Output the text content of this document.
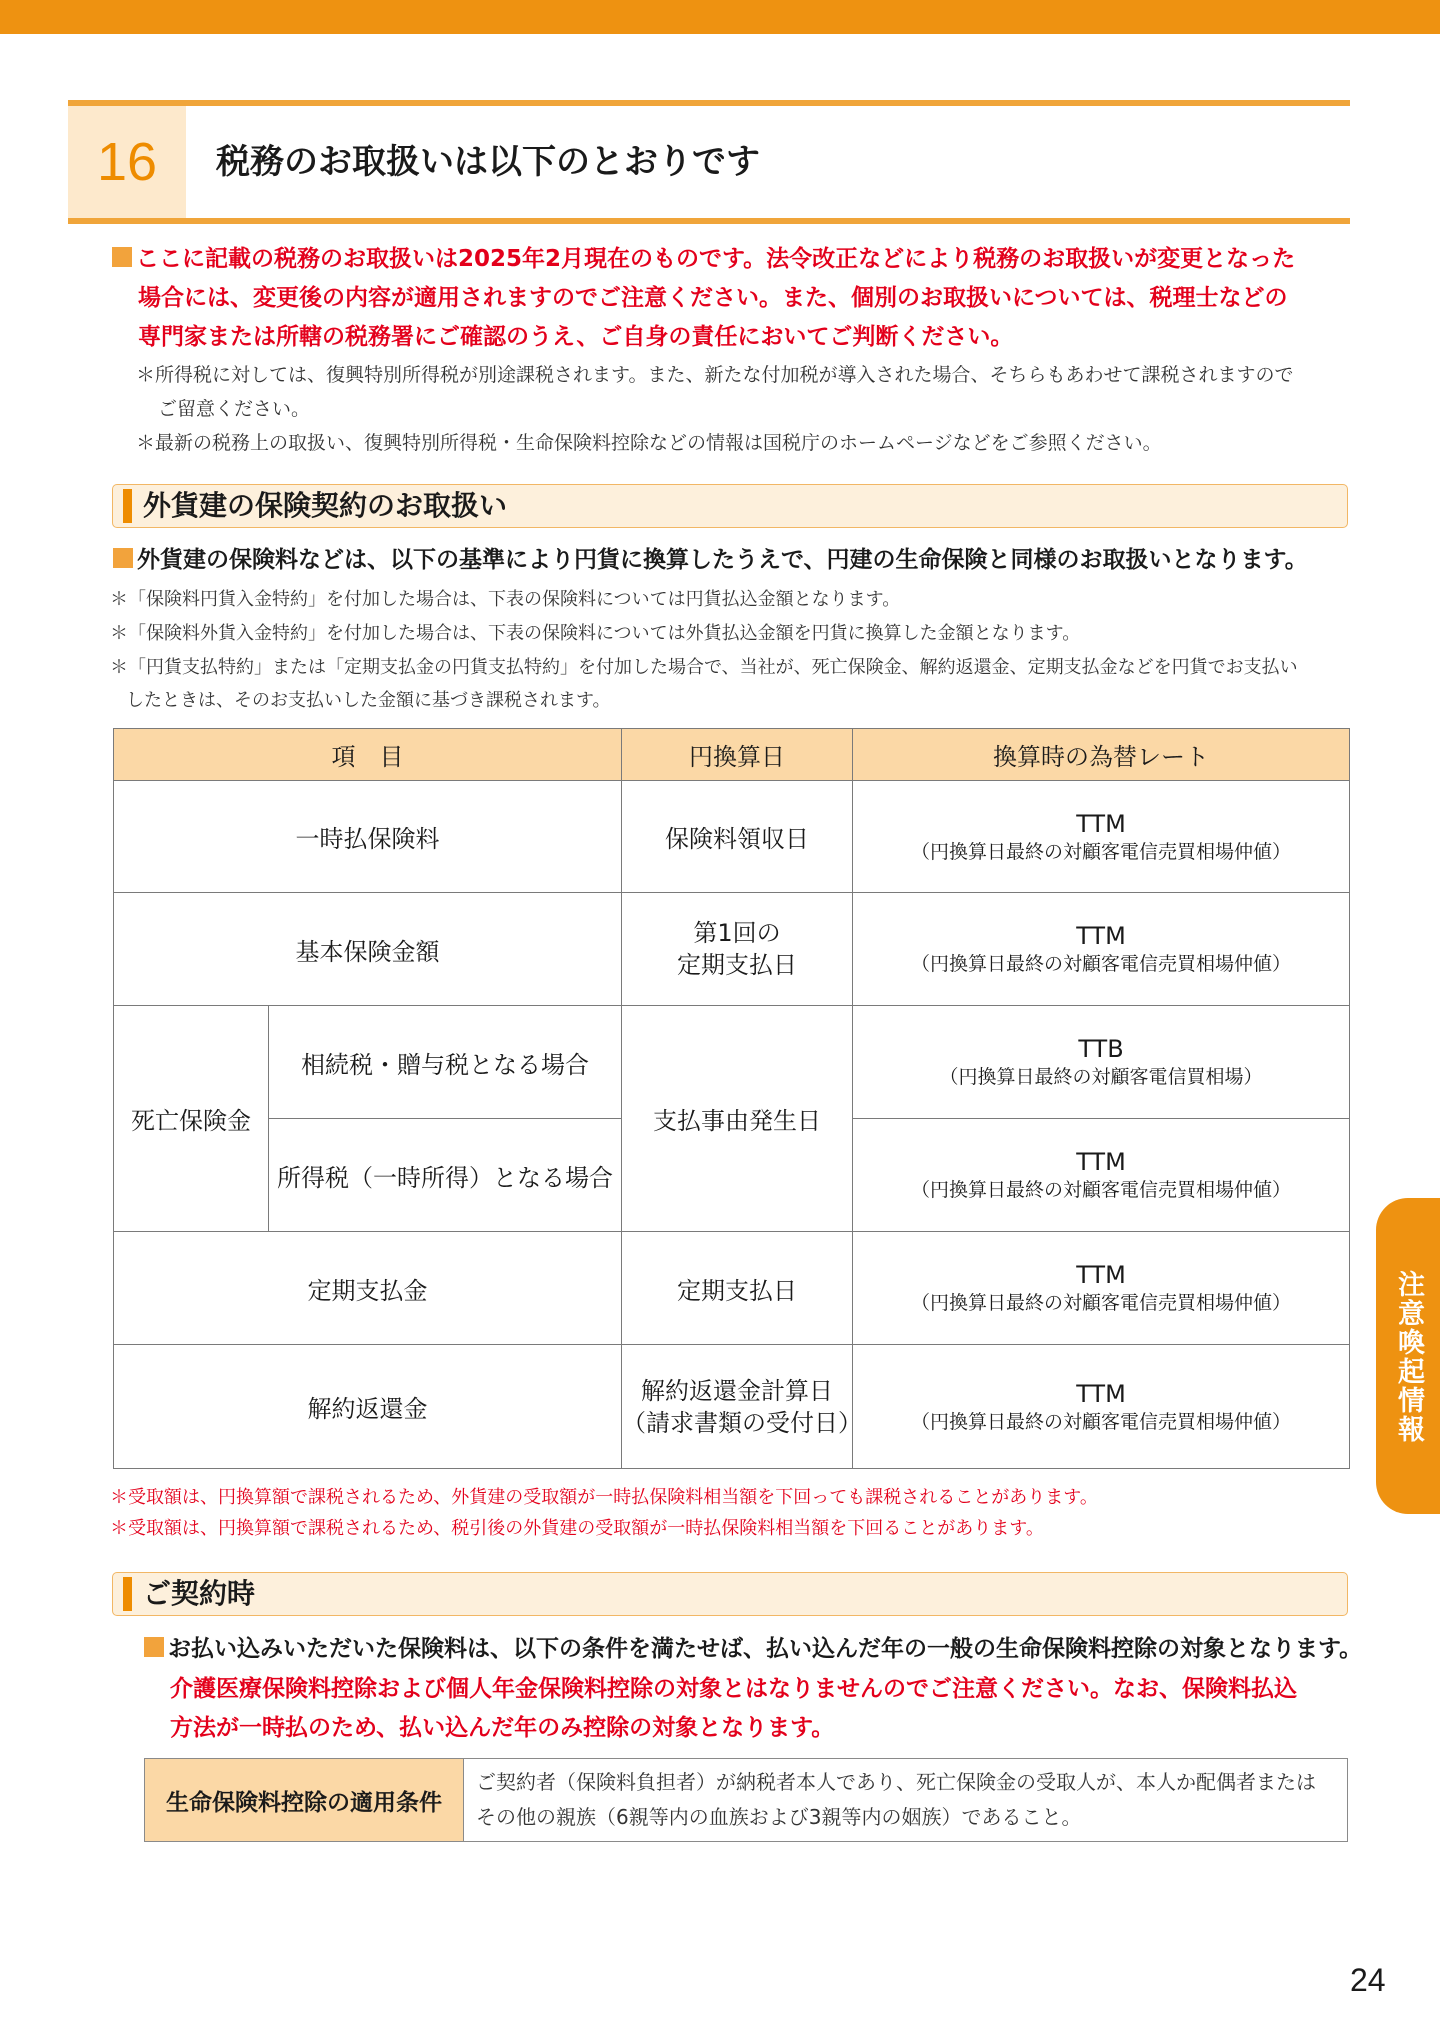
16	税務のお取扱いは以下のとおりです
ここに記載の税務のお取扱いは2025年2月現在のものです。法令改正などにより税務のお取扱いが変更となった
場合には、変更後の内容が適用されますのでご注意ください。また、個別のお取扱いについては、税理士などの
専門家または所轄の税務署にご確認のうえ、ご自身の責任においてご判断ください。
＊所得税に対しては、復興特別所得税が別途課税されます。また、新たな付加税が導入された場合、そちらもあわせて課税されますので
ご留意ください。
＊最新の税務上の取扱い、復興特別所得税・生命保険料控除などの情報は国税庁のホームページなどをご参照ください。
外貨建の保険契約のお取扱い
外貨建の保険料などは、以下の基準により円貨に換算したうえで、円建の生命保険と同様のお取扱いとなります。
＊「保険料円貨入金特約」を付加した場合は、下表の保険料については円貨払込金額となります。
＊「保険料外貨入金特約」を付加した場合は、下表の保険料については外貨払込金額を円貨に換算した金額となります。
＊「円貨支払特約」または「定期支払金の円貨支払特約」を付加した場合で、当社が、死亡保険金、解約返還金、定期支払金などを円貨でお支払い
したときは、そのお支払いした金額に基づき課税されます。
項　目		円換算日	換算時の為替レート
一時払保険料		保険料領収日	TTM
（円換算日最終の対顧客電信売買相場仲値）

基本保険金額		第1回の
定期支払日	TTM
（円換算日最終の対顧客電信売買相場仲値）

死亡保険金	相続税・贈与税となる場合	支払事由発生日	TTB
（円換算日最終の対顧客電信買相場）

	所得税（一時所得）となる場合		TTM
（円換算日最終の対顧客電信売買相場仲値）

定期支払金		定期支払日	TTM
（円換算日最終の対顧客電信売買相場仲値）

解約返還金		解約返還金計算日
（請求書類の受付日）	TTM
（円換算日最終の対顧客電信売買相場仲値）
＊受取額は、円換算額で課税されるため、外貨建の受取額が一時払保険料相当額を下回っても課税されることがあります。
＊受取額は、円換算額で課税されるため、税引後の外貨建の受取額が一時払保険料相当額を下回ることがあります。
ご契約時
お払い込みいただいた保険料は、以下の条件を満たせば、払い込んだ年の一般の生命保険料控除の対象となります。
介護医療保険料控除および個人年金保険料控除の対象とはなりませんのでご注意ください。なお、保険料払込
方法が一時払のため、払い込んだ年のみ控除の対象となります。
生命保険料控除の適用条件
ご契約者（保険料負担者）が納税者本人であり、死亡保険金の受取人が、本人か配偶者または
その他の親族（6親等内の血族および3親等内の姻族）であること。
注意喚起情報
24
